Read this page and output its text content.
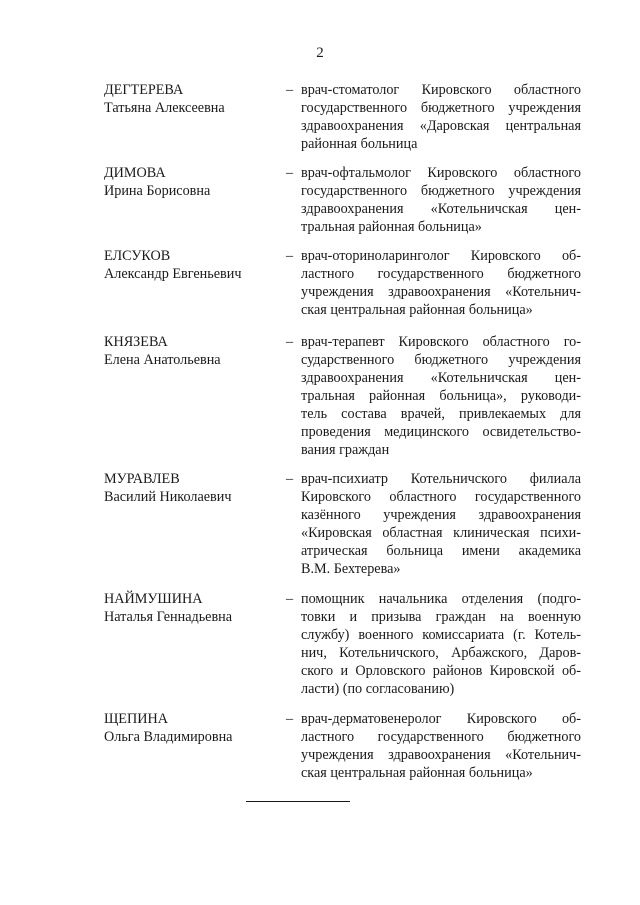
2
ДЕГТЕРЕВА
Татьяна Алексеевна
– врач-стоматолог Кировского областного
государственного бюджетного учреждения
здравоохранения «Даровская центральная
районная больница
ДИМОВА
Ирина Борисовна
– врач-офтальмолог Кировского областного
государственного бюджетного учреждения
здравоохранения «Котельничская цен-
тральная районная больница»
ЕЛСУКОВ
Александр Евгеньевич
– врач-оториноларинголог Кировского об-
ластного государственного бюджетного
учреждения здравоохранения «Котельнич-
ская центральная районная больница»
КНЯЗЕВА
Елена Анатольевна
– врач-терапевт Кировского областного го-
сударственного бюджетного учреждения
здравоохранения «Котельничская цен-
тральная районная больница», руководи-
тель состава врачей, привлекаемых для
проведения медицинского освидетельство-
вания граждан
МУРАВЛЕВ
Василий Николаевич
– врач-психиатр Котельничского филиала
Кировского областного государственного
казённого учреждения здравоохранения
«Кировская областная клиническая психи-
атрическая больница имени академика
В.М. Бехтерева»
НАЙМУШИНА
Наталья Геннадьевна
– помощник начальника отделения (подго-
товки и призыва граждан на военную
службу) военного комиссариата (г. Котель-
нич, Котельничского, Арбажского, Даров-
ского и Орловского районов Кировской об-
ласти) (по согласованию)
ЩЕПИНА
Ольга Владимировна
– врач-дерматовенеролог Кировского об-
ластного государственного бюджетного
учреждения здравоохранения «Котельнич-
ская центральная районная больница»
